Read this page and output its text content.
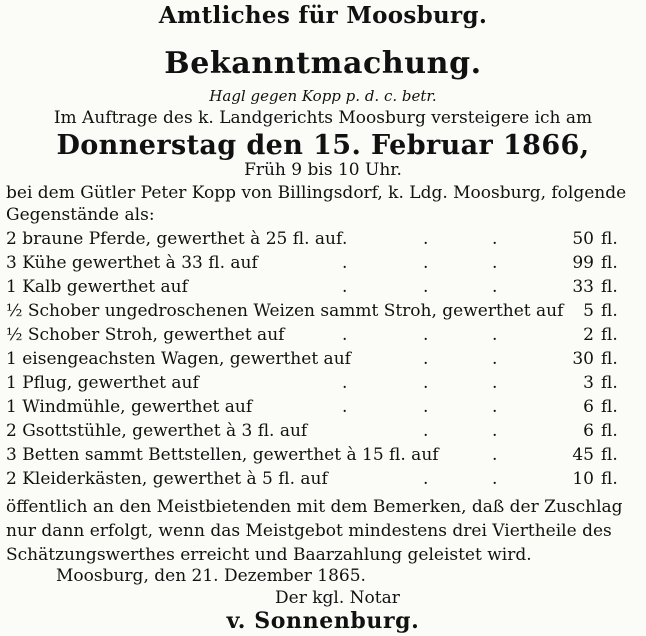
Amtliches für Moosburg.
Bekanntmachung.
Hagl gegen Kopp p. d. c. betr.
Im Auftrage des k. Landgerichts Moosburg versteigere ich am
Donnerstag den 15. Februar 1866,
Früh 9 bis 10 Uhr.
bei dem Gütler Peter Kopp von Billingsdorf, k. Ldg. Moosburg, folgende
Gegenstände als:
2 braune Pferde, gewerthet à 25 fl. auf .	.	.	50 fl.
3 Kühe gewerthet à 33 fl. auf	.	.	.	99 fl.
1 Kalb gewerthet auf	.	.	.	33 fl.
½ Schober ungedroschenen Weizen sammt Stroh, gewerthet auf 5 fl.
½ Schober Stroh, gewerthet auf	.	.	.	2 fl.
1 eisengeachsten Wagen, gewerthet auf	.	.	30 fl.
1 Pflug, gewerthet auf	.	.	.	3 fl.
1 Windmühle, gewerthet auf	.	.	.	6 fl.
2 Gsottstühle, gewerthet à 3 fl. auf	.	.	6 fl.
3 Betten sammt Bettstellen, gewerthet à 15 fl. auf	.	45 fl.
2 Kleiderkästen, gewerthet à 5 fl. auf	.	.	10 fl.
öffentlich an den Meistbietenden mit dem Bemerken, daß der Zuschlag
nur dann erfolgt, wenn das Meistgebot mindestens drei Viertheile des
Schätzungswerthes erreicht und Baarzahlung geleistet wird.
Moosburg, den 21. Dezember 1865.
Der kgl. Notar
v. Sonnenburg.
